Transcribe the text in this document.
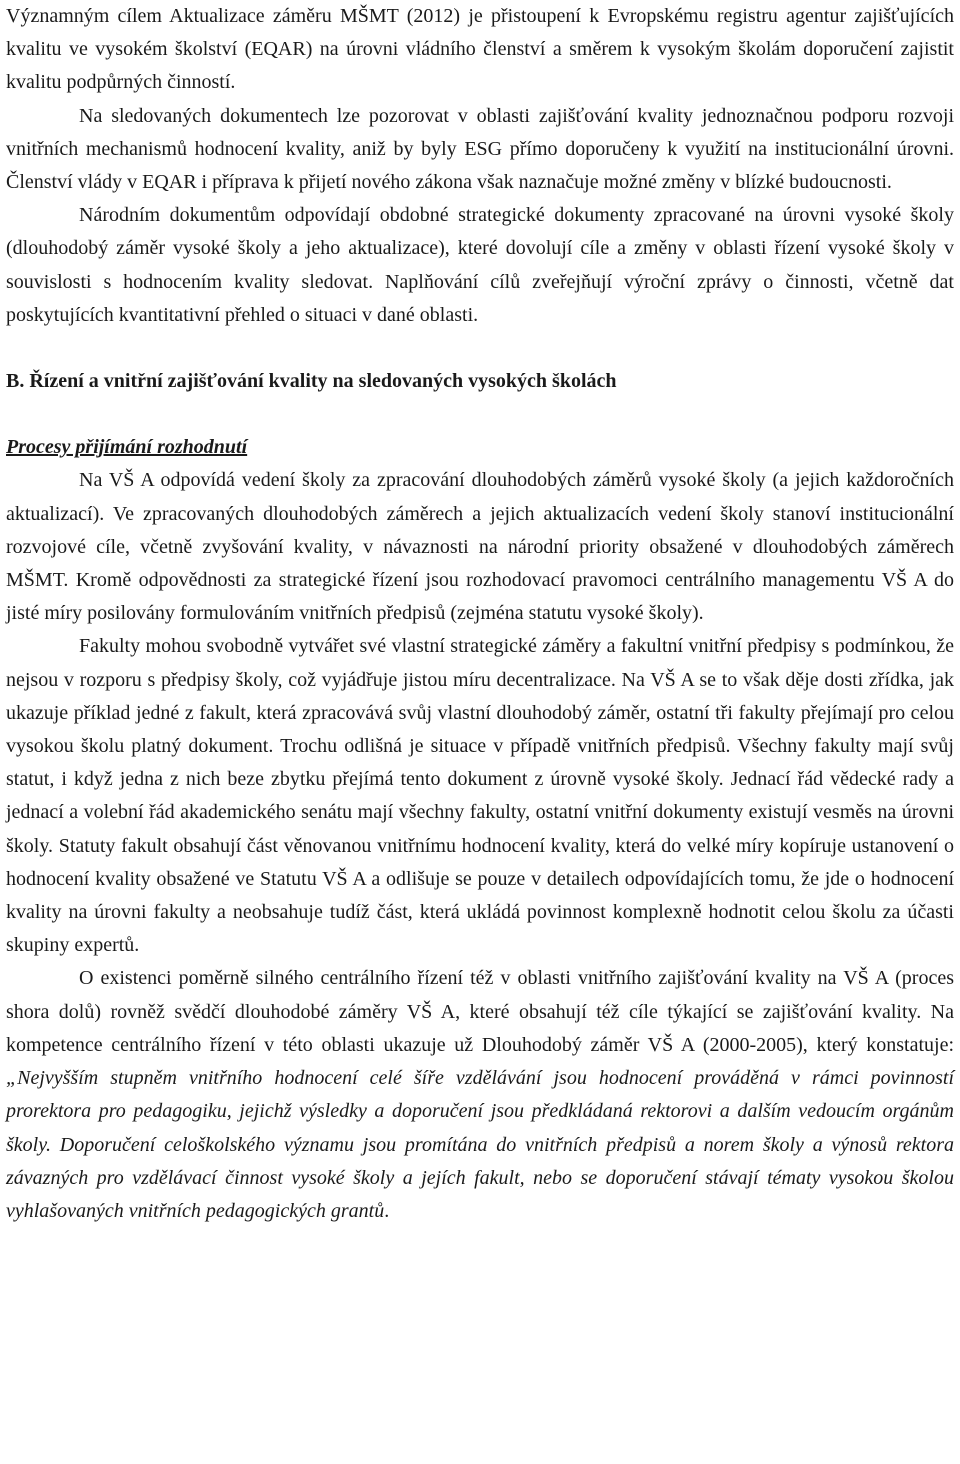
Významným cílem Aktualizace záměru MŠMT (2012) je přistoupení k Evropskému registru agentur zajišťujících kvalitu ve vysokém školství (EQAR) na úrovni vládního členství a směrem k vysokým školám doporučení zajistit kvalitu podpůrných činností.

Na sledovaných dokumentech lze pozorovat v oblasti zajišťování kvality jednoznačnou podporu rozvoji vnitřních mechanismů hodnocení kvality, aniž by byly ESG přímo doporučeny k využití na institucionální úrovni. Členství vlády v EQAR i příprava k přijetí nového zákona však naznačuje možné změny v blízké budoucnosti.

Národním dokumentům odpovídají obdobné strategické dokumenty zpracované na úrovni vysoké školy (dlouhodobý záměr vysoké školy a jeho aktualizace), které dovolují cíle a změny v oblasti řízení vysoké školy v souvislosti s hodnocením kvality sledovat. Naplňování cílů zveřejňují výroční zprávy o činnosti, včetně dat poskytujících kvantitativní přehled o situaci v dané oblasti.

B. Řízení a vnitřní zajišťování kvality na sledovaných vysokých školách

Procesy přijímání rozhodnutí

Na VŠ A odpovídá vedení školy za zpracování dlouhodobých záměrů vysoké školy (a jejich každoročních aktualizací). Ve zpracovaných dlouhodobých záměrech a jejich aktualizacích vedení školy stanoví institucionální rozvojové cíle, včetně zvyšování kvality, v návaznosti na národní priority obsažené v dlouhodobých záměrech MŠMT. Kromě odpovědnosti za strategické řízení jsou rozhodovací pravomoci centrálního managementu VŠ A do jisté míry posilovány formulováním vnitřních předpisů (zejména statutu vysoké školy).

Fakulty mohou svobodně vytvářet své vlastní strategické záměry a fakultní vnitřní předpisy s podmínkou, že nejsou v rozporu s předpisy školy, což vyjádřuje jistou míru decentralizace. Na VŠ A se to však děje dosti zřídka, jak ukazuje příklad jedné z fakult, která zpracovává svůj vlastní dlouhodobý záměr, ostatní tři fakulty přejímají pro celou vysokou školu platný dokument. Trochu odlišná je situace v případě vnitřních předpisů. Všechny fakulty mají svůj statut, i když jedna z nich beze zbytku přejímá tento dokument z úrovně vysoké školy. Jednací řád vědecké rady a jednací a volební řád akademického senátu mají všechny fakulty, ostatní vnitřní dokumenty existují vesměs na úrovni školy. Statuty fakult obsahují část věnovanou vnitřnímu hodnocení kvality, která do velké míry kopíruje ustanovení o hodnocení kvality obsažené ve Statutu VŠ A a odlišuje se pouze v detailech odpovídajících tomu, že jde o hodnocení kvality na úrovni fakulty a neobsahuje tudíž část, která ukládá povinnost komplexně hodnotit celou školu za účasti skupiny expertů.

O existenci poměrně silného centrálního řízení též v oblasti vnitřního zajišťování kvality na VŠ A (proces shora dolů) rovněž svědčí dlouhodobé záměry VŠ A, které obsahují též cíle týkající se zajišťování kvality. Na kompetence centrálního řízení v této oblasti ukazuje už Dlouhodobý záměr VŠ A (2000-2005), který konstatuje: „Nejvyšším stupněm vnitřního hodnocení celé šíře vzdělávání jsou hodnocení prováděná v rámci povinností prorektora pro pedagogiku, jejichž výsledky a doporučení jsou předkládaná rektorovi a dalším vedoucím orgánům školy. Doporučení celoškolského významu jsou promítána do vnitřních předpisů a norem školy a výnosů rektora závazných pro vzdělávací činnost vysoké školy a jejích fakult, nebo se doporučení stávají tématy vysokou školou vyhlašovaných vnitřních pedagogických grantů.
